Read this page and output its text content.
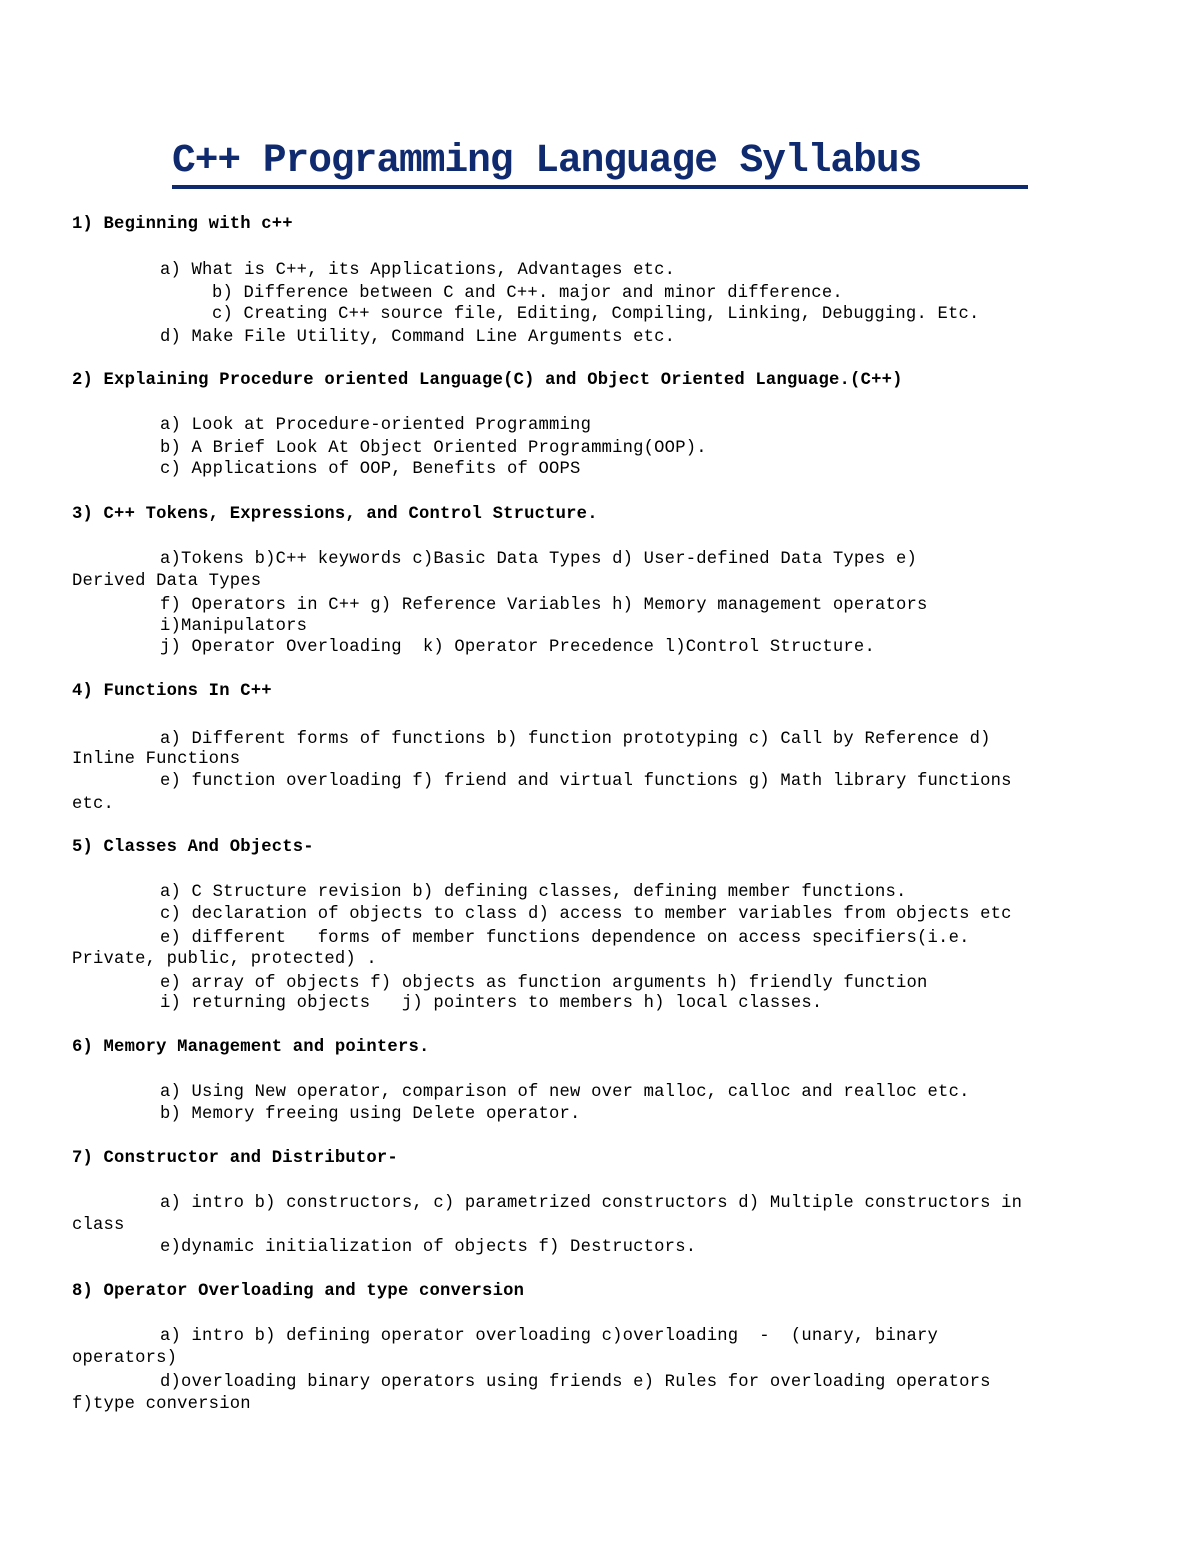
C++ Programming Language Syllabus
1) Beginning with c++
a) What is C++, its Applications, Advantages etc.
b) Difference between C and C++. major and minor difference.
c) Creating C++ source file, Editing, Compiling, Linking, Debugging. Etc.
d) Make File Utility, Command Line Arguments etc.
2) Explaining Procedure oriented Language(C) and Object Oriented Language.(C++)
a) Look at Procedure-oriented Programming
b) A Brief Look At Object Oriented Programming(OOP).
c) Applications of OOP, Benefits of OOPS
3) C++ Tokens, Expressions, and Control Structure.
a)Tokens b)C++ keywords c)Basic Data Types d) User-defined Data Types e)
Derived Data Types
f) Operators in C++ g) Reference Variables h) Memory management operators
i)Manipulators
j) Operator Overloading  k) Operator Precedence l)Control Structure.
4) Functions In C++
a) Different forms of functions b) function prototyping c) Call by Reference d)
Inline Functions
e) function overloading f) friend and virtual functions g) Math library functions
etc.
5) Classes And Objects-
a) C Structure revision b) defining classes, defining member functions.
c) declaration of objects to class d) access to member variables from objects etc
e) different   forms of member functions dependence on access specifiers(i.e.
Private, public, protected) .
e) array of objects f) objects as function arguments h) friendly function
i) returning objects   j) pointers to members h) local classes.
6) Memory Management and pointers.
a) Using New operator, comparison of new over malloc, calloc and realloc etc.
b) Memory freeing using Delete operator.
7) Constructor and Distributor-
a) intro b) constructors, c) parametrized constructors d) Multiple constructors in
class
e)dynamic initialization of objects f) Destructors.
8) Operator Overloading and type conversion
a) intro b) defining operator overloading c)overloading  -  (unary, binary
operators)
d)overloading binary operators using friends e) Rules for overloading operators
f)type conversion
